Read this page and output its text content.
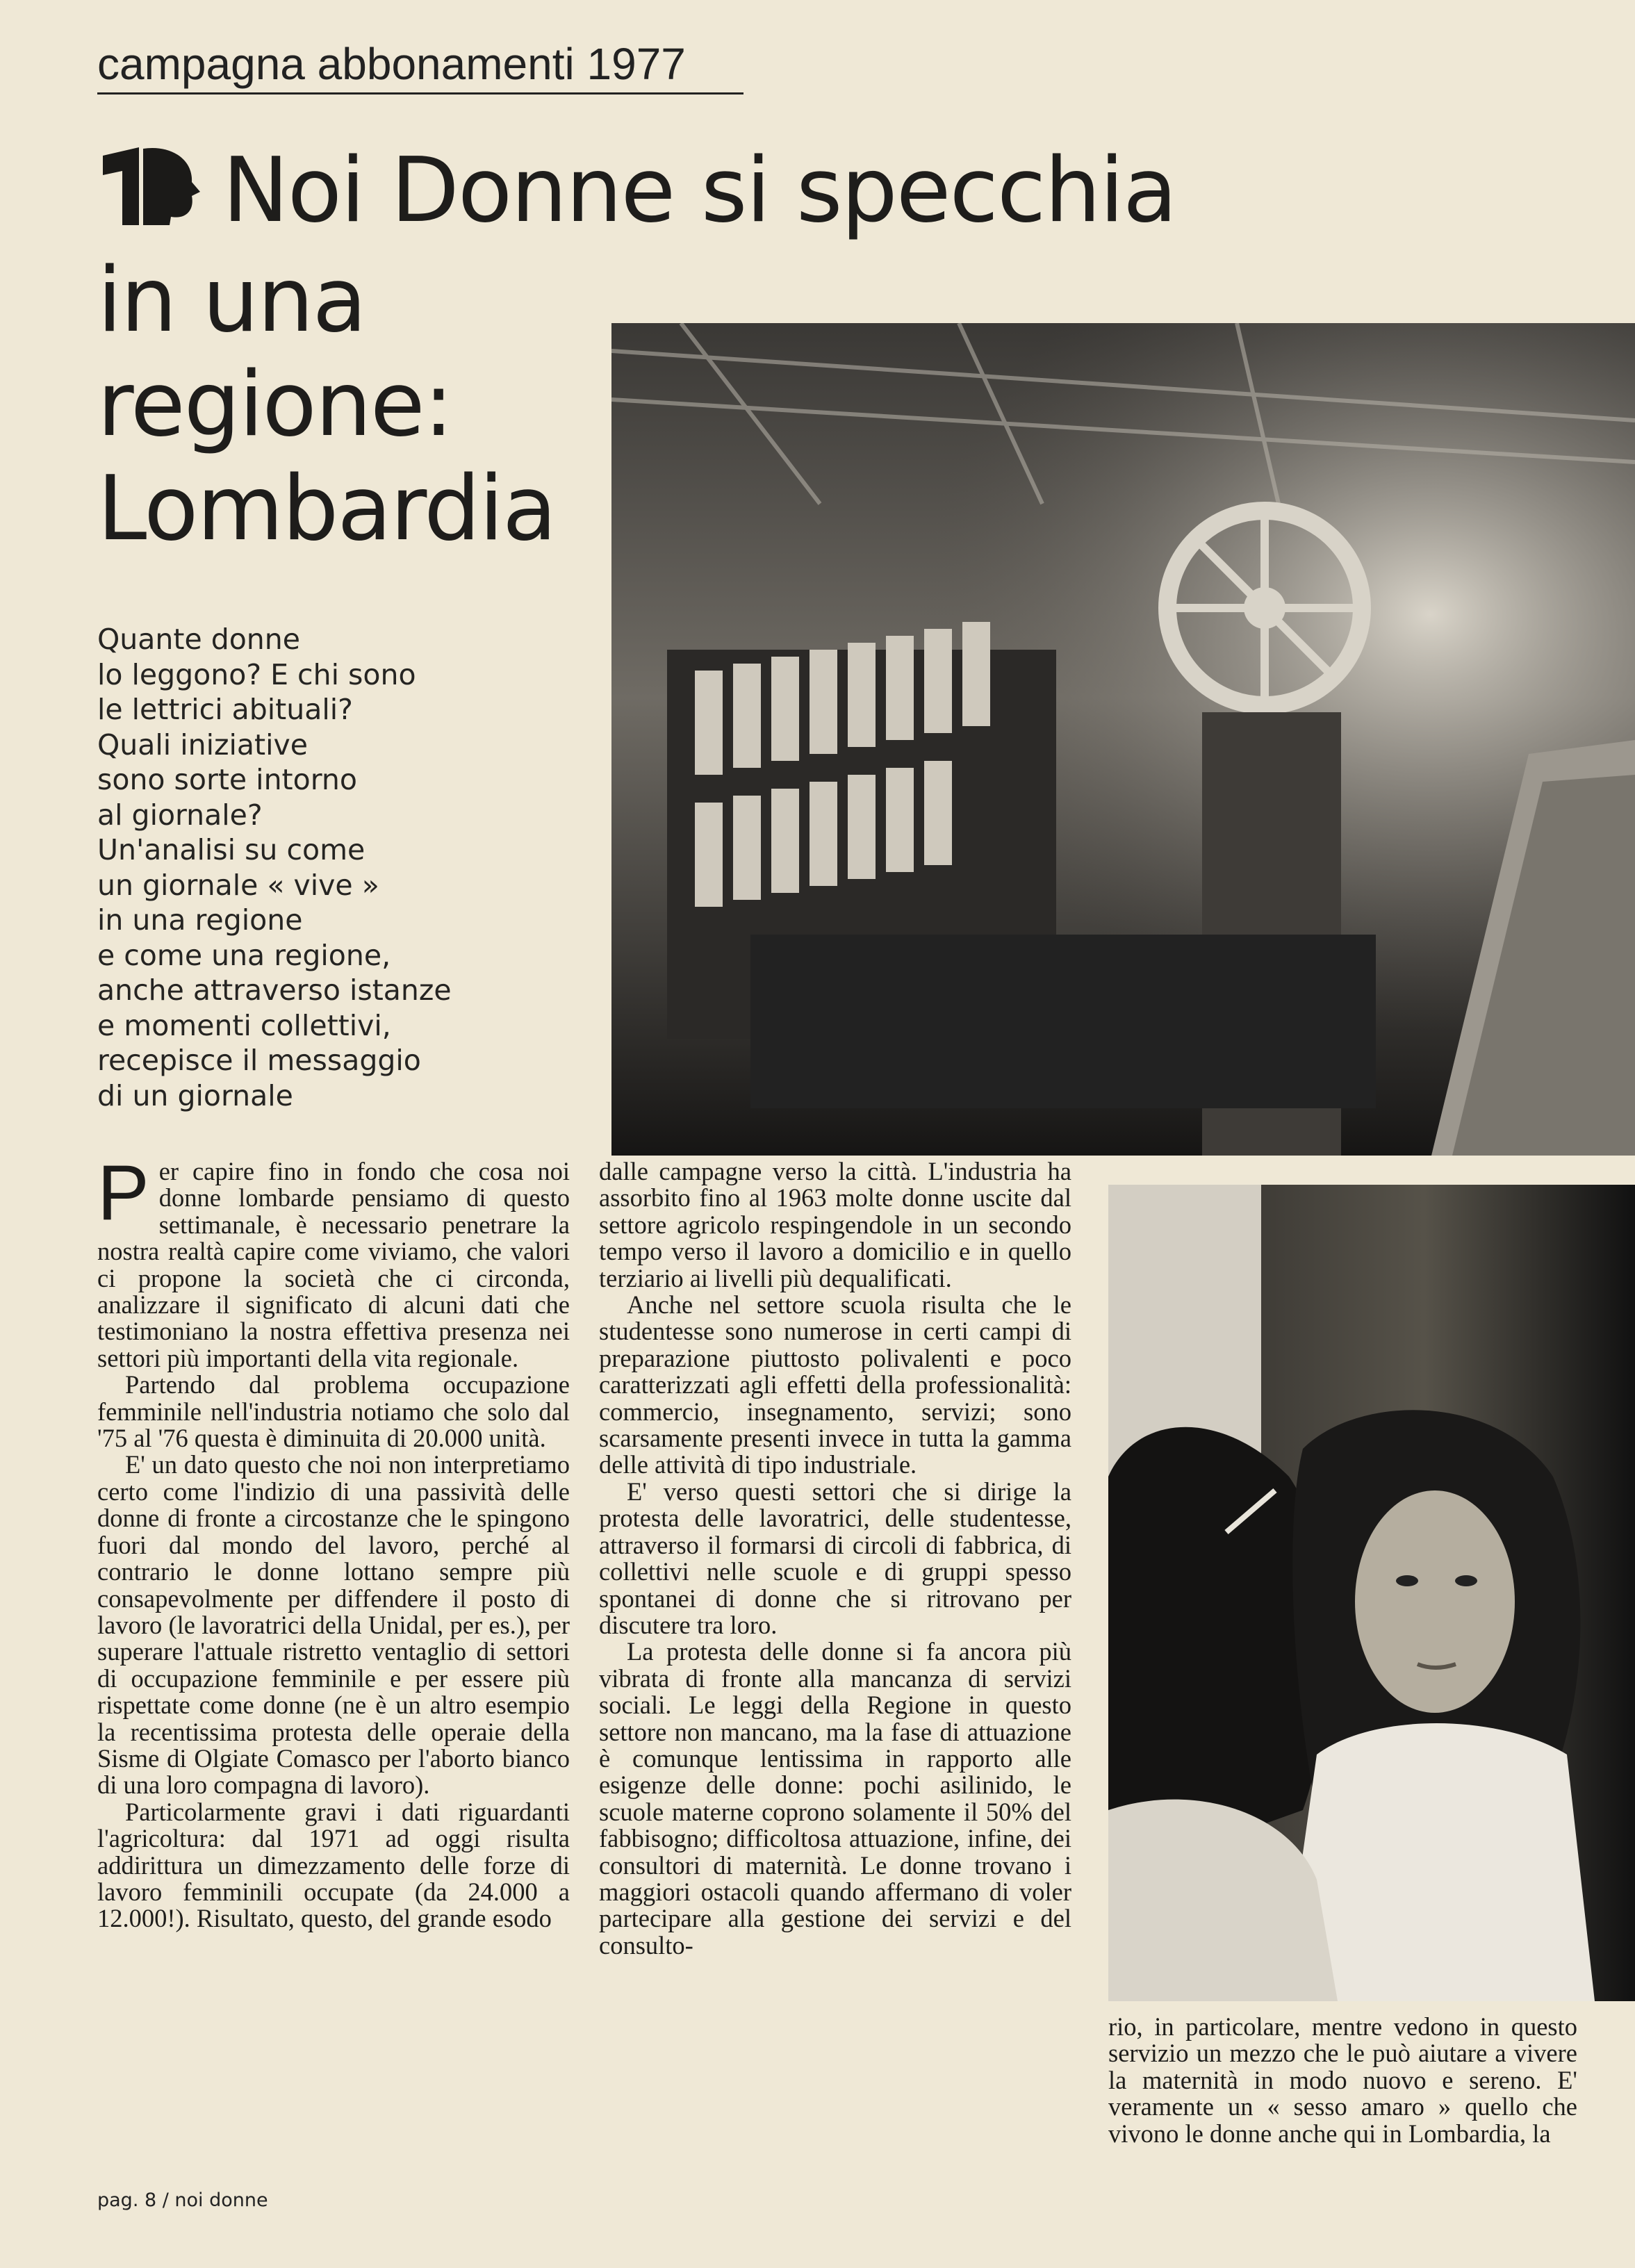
campagna abbonamenti 1977
Noi Donne si specchia
in una
regione:
Lombardia
Quante donne
lo leggono? E chi sono
le lettrici abituali?
Quali iniziative
sono sorte intorno
al giornale?
Un'analisi su come
un giornale « vive »
in una regione
e come una regione,
anche attraverso istanze
e momenti collettivi,
recepisce il messaggio
di un giornale

Per capire fino in fondo che cosa noi donne lombarde pensiamo di questo settimanale, è necessario penetrare la nostra realtà capire come viviamo, che valori ci propone la società che ci circonda, analizzare il significato di alcuni dati che testimoniano la nostra effettiva presenza nei settori più importanti della vita regionale.

Partendo dal problema occupazione femminile nell'industria notiamo che solo dal '75 al '76 questa è diminuita di 20.000 unità.

E' un dato questo che noi non interpretiamo certo come l'indizio di una passività delle donne di fronte a circostanze che le spingono fuori dal mondo del lavoro, perché al contrario le donne lottano sempre più consapevolmente per diffendere il posto di lavoro (le lavoratrici della Unidal, per es.), per superare l'attuale ristretto ventaglio di settori di occupazione femminile e per essere più rispettate come donne (ne è un altro esempio la recentissima protesta delle operaie della Sisme di Olgiate Comasco per l'aborto bianco di una loro compagna di lavoro).

Particolarmente gravi i dati riguardanti l'agricoltura: dal 1971 ad oggi risulta addirittura un dimezzamento delle forze di lavoro femminili occupate (da 24.000 a 12.000!). Risultato, questo, del grande esodo

dalle campagne verso la città. L'industria ha assorbito fino al 1963 molte donne uscite dal settore agricolo respingendole in un secondo tempo verso il lavoro a domicilio e in quello terziario ai livelli più dequalificati.

Anche nel settore scuola risulta che le studentesse sono numerose in certi campi di preparazione piuttosto polivalenti e poco caratterizzati agli effetti della professionalità: commercio, insegnamento, servizi; sono scarsamente presenti invece in tutta la gamma delle attività di tipo industriale.

E' verso questi settori che si dirige la protesta delle lavoratrici, delle studentesse, attraverso il formarsi di circoli di fabbrica, di collettivi nelle scuole e di gruppi spesso spontanei di donne che si ritrovano per discutere tra loro.

La protesta delle donne si fa ancora più vibrata di fronte alla mancanza di servizi sociali. Le leggi della Regione in questo settore non mancano, ma la fase di attuazione è comunque lentissima in rapporto alle esigenze delle donne: pochi asilinido, le scuole materne coprono solamente il 50% del fabbisogno; difficoltosa attuazione, infine, dei consultori di maternità. Le donne trovano i maggiori ostacoli quando affermano di voler partecipare alla gestione dei servizi e del consulto-

rio, in particolare, mentre vedono in questo servizio un mezzo che le può aiutare a vivere la maternità in modo nuovo e sereno. E' veramente un « sesso amaro » quello che vivono le donne anche qui in Lombardia, la

pag. 8 / noi donne
